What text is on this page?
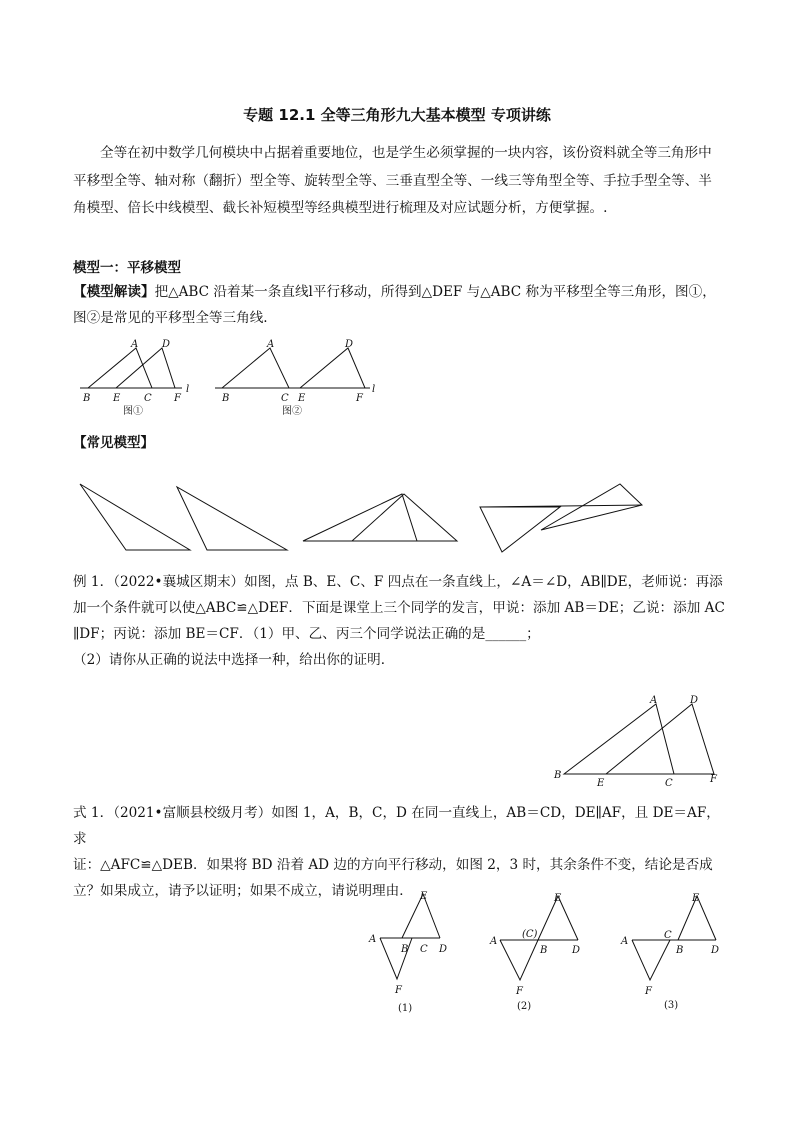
专题 12.1 全等三角形九大基本模型 专项讲练
全等在初中数学几何模块中占据着重要地位，也是学生必须掌握的一块内容，该份资料就全等三角形中平移型全等、轴对称（翻折）型全等、旋转型全等、三垂直型全等、一线三等角型全等、手拉手型全等、半角模型、倍长中线模型、截长补短模型等经典模型进行梳理及对应试题分析，方便掌握。.
模型一：平移模型
【模型解读】把△ABC 沿着某一条直线l平行移动，所得到△DEF 与△ABC 称为平移型全等三角形，图①，
图②是常见的平移型全等三角线.
A D
B E C F
l
图①
A	D
B	C E	F
l
图②
【常见模型】
例 1．（2022•襄城区期末）如图，点 B、E、C、F 四点在一条直线上，∠A＝∠D，AB∥DE，老师说：再添
加一个条件就可以使△ABC≌△DEF．下面是课堂上三个同学的发言，甲说：添加 AB＝DE；乙说：添加 AC
∥DF；丙说：添加 BE＝CF．（1）甲、乙、丙三个同学说法正确的是______；
（2）请你从正确的说法中选择一种，给出你的证明．
A	D
B
E	C	F
式 1．（2021•富顺县校级月考）如图 1，A，B，C，D 在同一直线上，AB＝CD，DE∥AF，且 DE＝AF，求
证：△AFC≌△DEB．如果将 BD 沿着 AD 边的方向平行移动，如图 2，3 时，其余条件不变，结论是否成
立？如果成立，请予以证明；如果不成立，请说明理由． E
A
B C D
F
(1)
E
A
(C)
B D
F
(2)
E
A
C
B	D
F
(3)
